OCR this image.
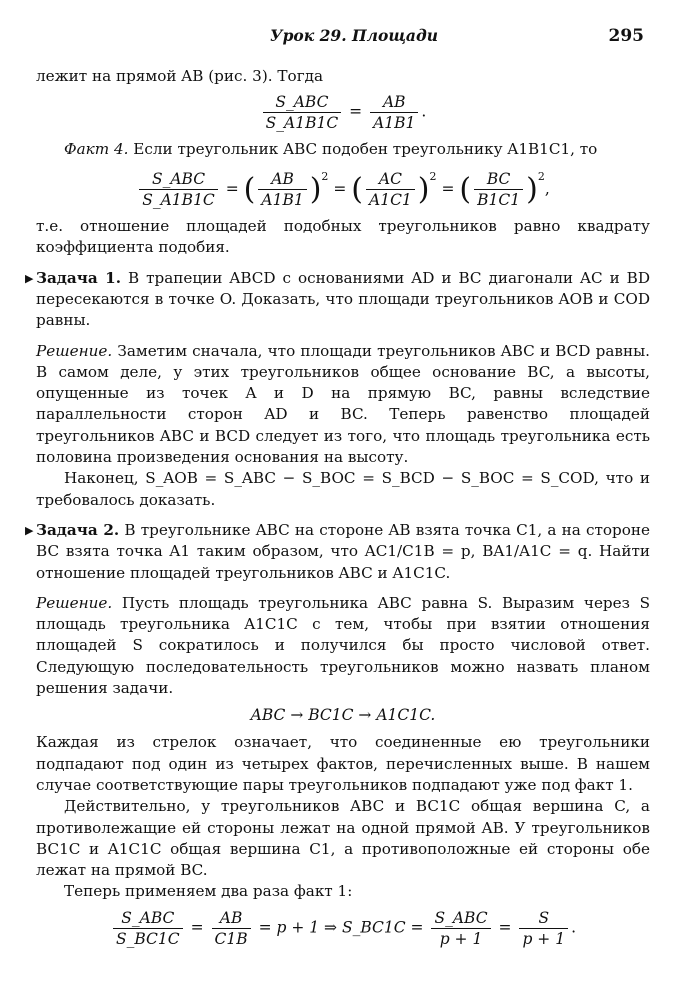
Урок 29. Площади	295

лежит на прямой AB (рис. 3). Тогда

$\frac{\text{S\_ABC}}{S\_A1B1C} = \frac{AB}{A1B1}$ .

Факт 4. Если треугольник ABC подобен треугольнику A1B1C1, то

$\frac{\text{S\_ABC}}{S\_A1B1C}$ = ( $\frac{AB}{A1B1} )^2$ = ( $\frac{AC}{A1C1} )^2$ = ( $\frac{BC}{B1C1} )^2$,

т.е. отношение площадей подобных треугольников равно квадрату коэффициента подобия.

▶ Задача 1. В трапеции ABCD с основаниями AD и BC диагонали AC и BD пересекаются в точке O. Доказать, что площади треугольников AOB и COD равны.

Решение. Заметим сначала, что площади треугольников ABC и BCD равны. В самом деле, у этих треугольников общее основание BC, а высоты, опущенные из точек A и D на прямую BC, равны вследствие параллельности сторон AD и BC. Теперь равенство площадей треугольников ABC и BCD следует из того, что площадь треугольника есть половина произведения основания на высоту.

Наконец, S_AOB = S_ABC − S_BOC = S_BCD − S_BOC = S_COD, что и требовалось доказать.

▶ Задача 2. В треугольнике ABC на стороне AB взята точка C1, а на стороне BC взята точка A1 таким образом, что AC1/C1B = p, BA1/A1C = q. Найти отношение площадей треугольников ABC и A1C1C.

Решение. Пусть площадь треугольника ABC равна S. Выразим через S площадь треугольника A1C1C с тем, чтобы при взятии отношения площадей S сократилось и получился бы просто числовой ответ. Следующую последовательность треугольников можно назвать планом решения задачи.

ABC → BC1C → A1C1C.

Каждая из стрелок означает, что соединенные ею треугольники подпадают под один из четырех фактов, перечисленных выше. В нашем случае соответствующие пары треугольников подпадают уже под факт 1.

Действительно, у треугольников ABC и BC1C общая вершина C, а противолежащие ей стороны лежат на одной прямой AB. У треугольников BC1C и A1C1C общая вершина C1, а противоположные ей стороны обе лежат на прямой BC.

Теперь применяем два раза факт 1:

$\frac{\text{S\_ABC}}{S\_BC1C} = \frac{AB}{C1B} = p + 1$ ⇒ S_BC1C = $\frac{\text{S\_ABC}}{p + 1} = \frac{S}{p + 1}$ .
